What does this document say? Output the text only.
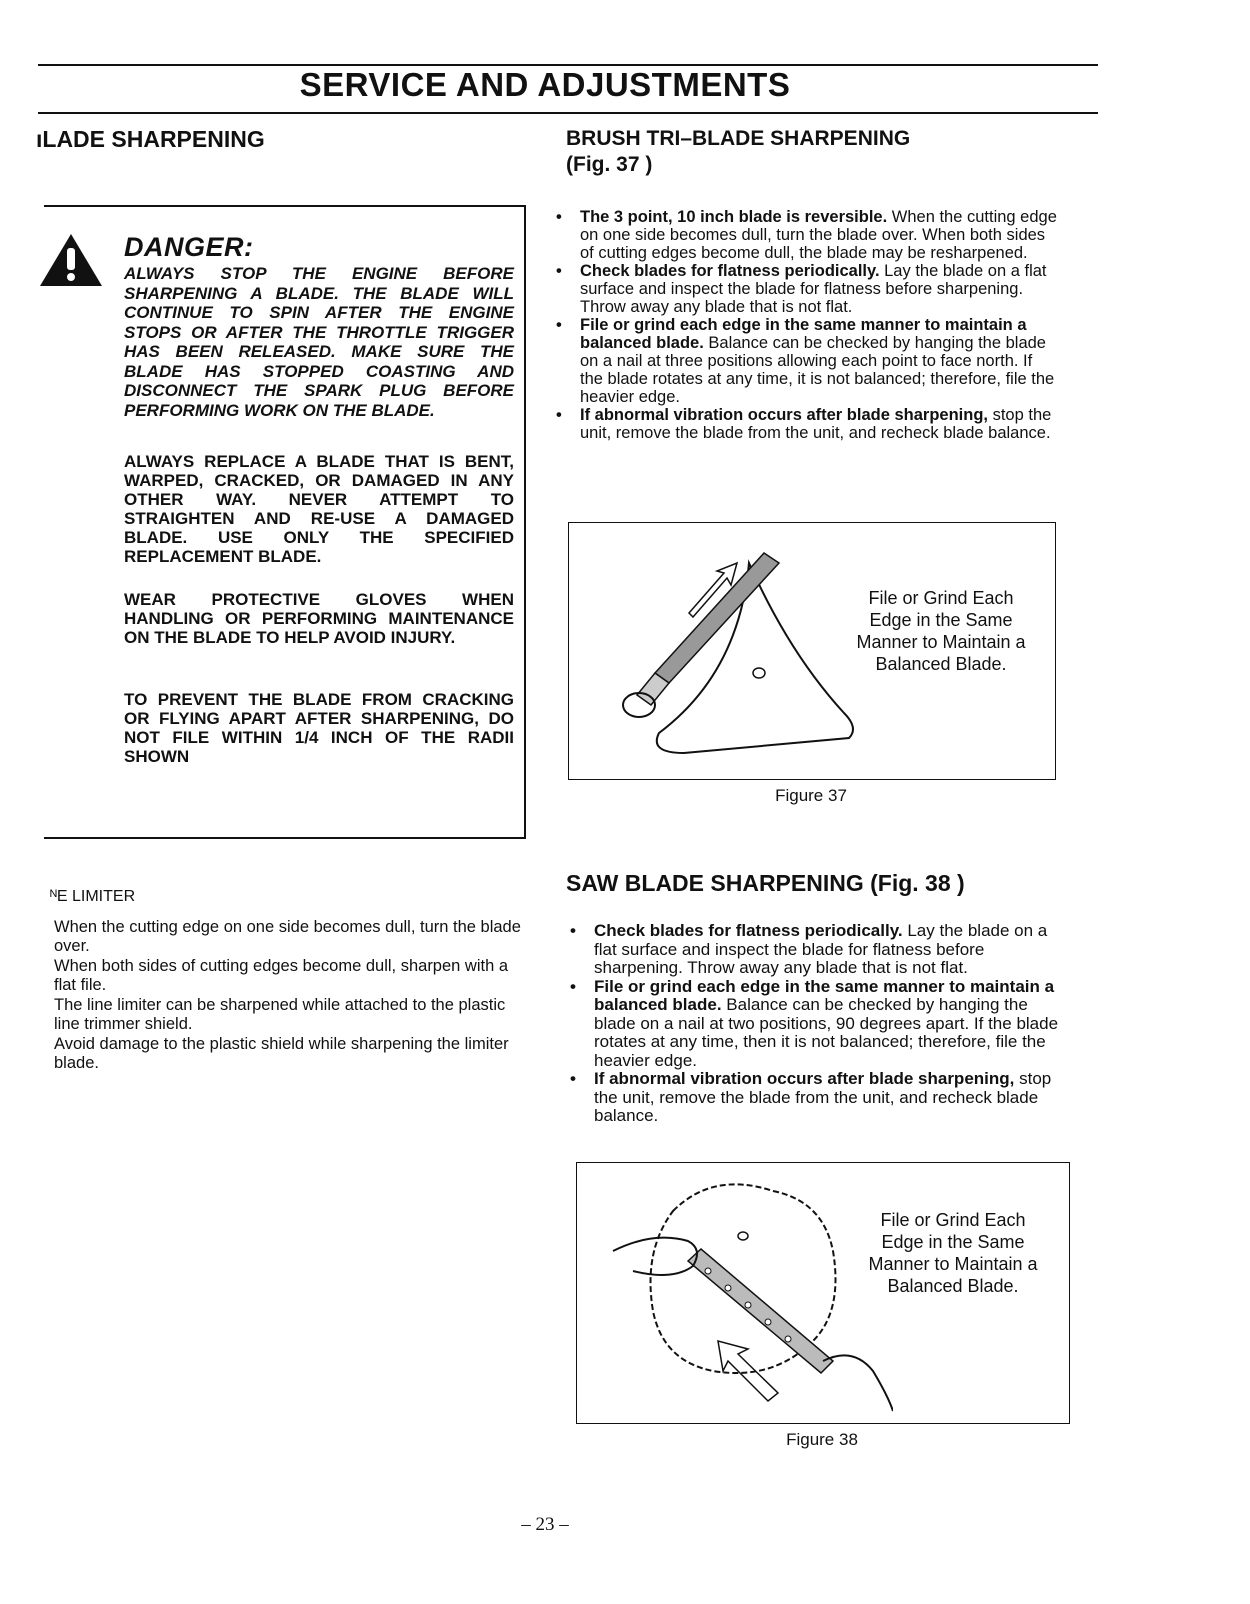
SERVICE AND ADJUSTMENTS
ıLADE SHARPENING
DANGER:
ALWAYS STOP THE ENGINE BEFORE SHARPENING A BLADE. THE BLADE WILL CONTINUE TO SPIN AFTER THE ENGINE STOPS OR AFTER THE THROTTLE TRIGGER HAS BEEN RELEASED. MAKE SURE THE BLADE HAS STOPPED COASTING AND DISCONNECT THE SPARK PLUG BEFORE PERFORMING WORK ON THE BLADE.
ALWAYS REPLACE A BLADE THAT IS BENT, WARPED, CRACKED, OR DAMAGED IN ANY OTHER WAY. NEVER ATTEMPT TO STRAIGHTEN AND RE-USE A DAMAGED BLADE. USE ONLY THE SPECIFIED REPLACEMENT BLADE.
WEAR PROTECTIVE GLOVES WHEN HANDLING OR PERFORMING MAINTENANCE ON THE BLADE TO HELP AVOID INJURY.
TO PREVENT THE BLADE FROM CRACKING OR FLYING APART AFTER SHARPENING, DO NOT FILE WITHIN 1/4 INCH OF THE RADII SHOWN
ᴺE LIMITER

When the cutting edge on one side becomes dull, turn the blade over.

When both sides of cutting edges become dull, sharpen with a flat file.

The line limiter can be sharpened while attached to the plastic line trimmer shield.

Avoid damage to the plastic shield while sharpening the limiter blade.

BRUSH TRI–BLADE SHARPENING
(Fig. 37 )
• The 3 point, 10 inch blade is reversible. When the cutting edge on one side becomes dull, turn the blade over. When both sides of cutting edges become dull, the blade may be resharpened.
• Check blades for flatness periodically. Lay the blade on a flat surface and inspect the blade for flatness before sharpening. Throw away any blade that is not flat.
• File or grind each edge in the same manner to maintain a balanced blade. Balance can be checked by hanging the blade on a nail at three positions allowing each point to face north. If the blade rotates at any time, it is not balanced; therefore, file the heavier edge.
• If abnormal vibration occurs after blade sharpening, stop the unit, remove the blade from the unit, and recheck blade balance.
File or Grind Each Edge in the Same Manner to Maintain a Balanced Blade.
Figure 37
SAW BLADE SHARPENING (Fig. 38 )
• Check blades for flatness periodically. Lay the blade on a flat surface and inspect the blade for flatness before sharpening. Throw away any blade that is not flat.
• File or grind each edge in the same manner to maintain a balanced blade. Balance can be checked by hanging the blade on a nail at two positions, 90 degrees apart. If the blade rotates at any time, then it is not balanced; therefore, file the heavier edge.
• If abnormal vibration occurs after blade sharpening, stop the unit, remove the blade from the unit, and recheck blade balance.
File or Grind Each Edge in the Same Manner to Maintain a Balanced Blade.
Figure 38
– 23 –
